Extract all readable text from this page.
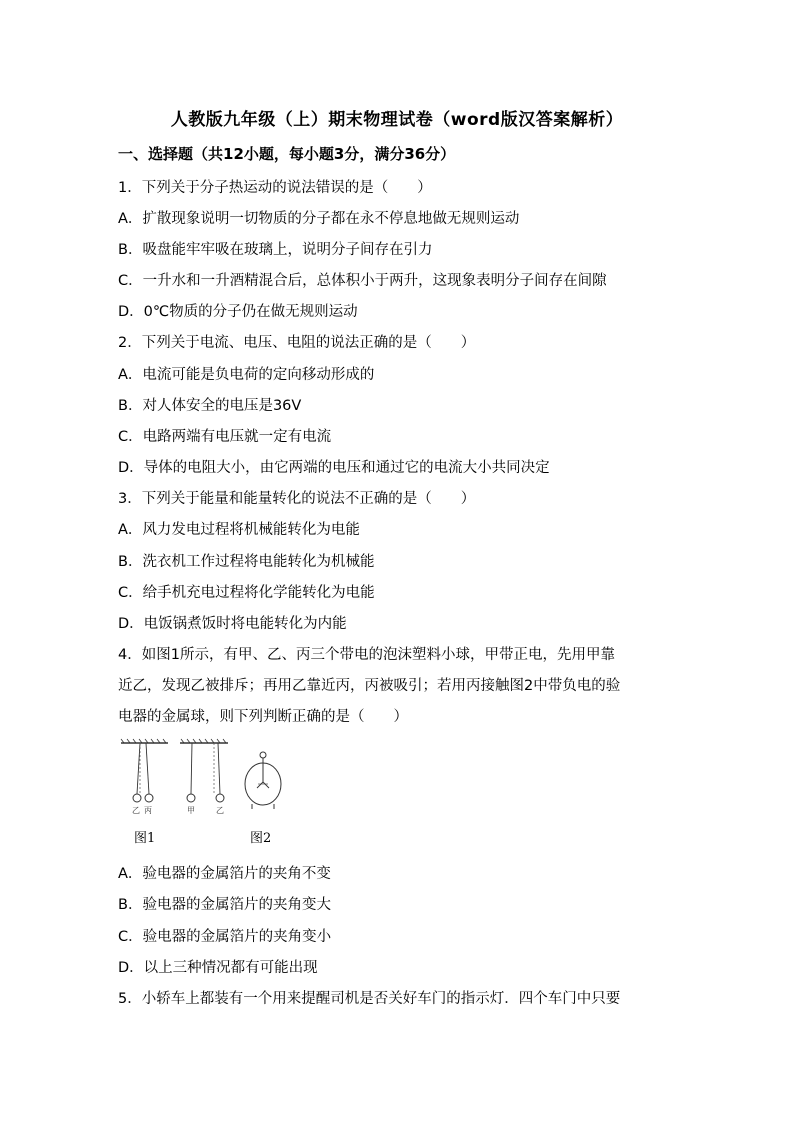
人教版九年级（上）期末物理试卷（word版汉答案解析）
一、选择题（共12小题，每小题3分，满分36分）
1．下列关于分子热运动的说法错误的是（　　）
A．扩散现象说明一切物质的分子都在永不停息地做无规则运动
B．吸盘能牢牢吸在玻璃上，说明分子间存在引力
C．一升水和一升酒精混合后，总体积小于两升，这现象表明分子间存在间隙
D．0℃物质的分子仍在做无规则运动
2．下列关于电流、电压、电阻的说法正确的是（　　）
A．电流可能是负电荷的定向移动形成的
B．对人体安全的电压是36V
C．电路两端有电压就一定有电流
D．导体的电阻大小，由它两端的电压和通过它的电流大小共同决定
3．下列关于能量和能量转化的说法不正确的是（　　）
A．风力发电过程将机械能转化为电能
B．洗衣机工作过程将电能转化为机械能
C．给手机充电过程将化学能转化为电能
D．电饭锅煮饭时将电能转化为内能
4．如图1所示，有甲、乙、丙三个带电的泡沫塑料小球，甲带正电，先用甲靠
近乙，发现乙被排斥；再用乙靠近丙，丙被吸引；若用丙接触图2中带负电的验
电器的金属球，则下列判断正确的是（　　）
乙 丙	甲	乙
图1	图2
A．验电器的金属箔片的夹角不变
B．验电器的金属箔片的夹角变大
C．验电器的金属箔片的夹角变小
D．以上三种情况都有可能出现
5．小轿车上都装有一个用来提醒司机是否关好车门的指示灯．四个车门中只要
